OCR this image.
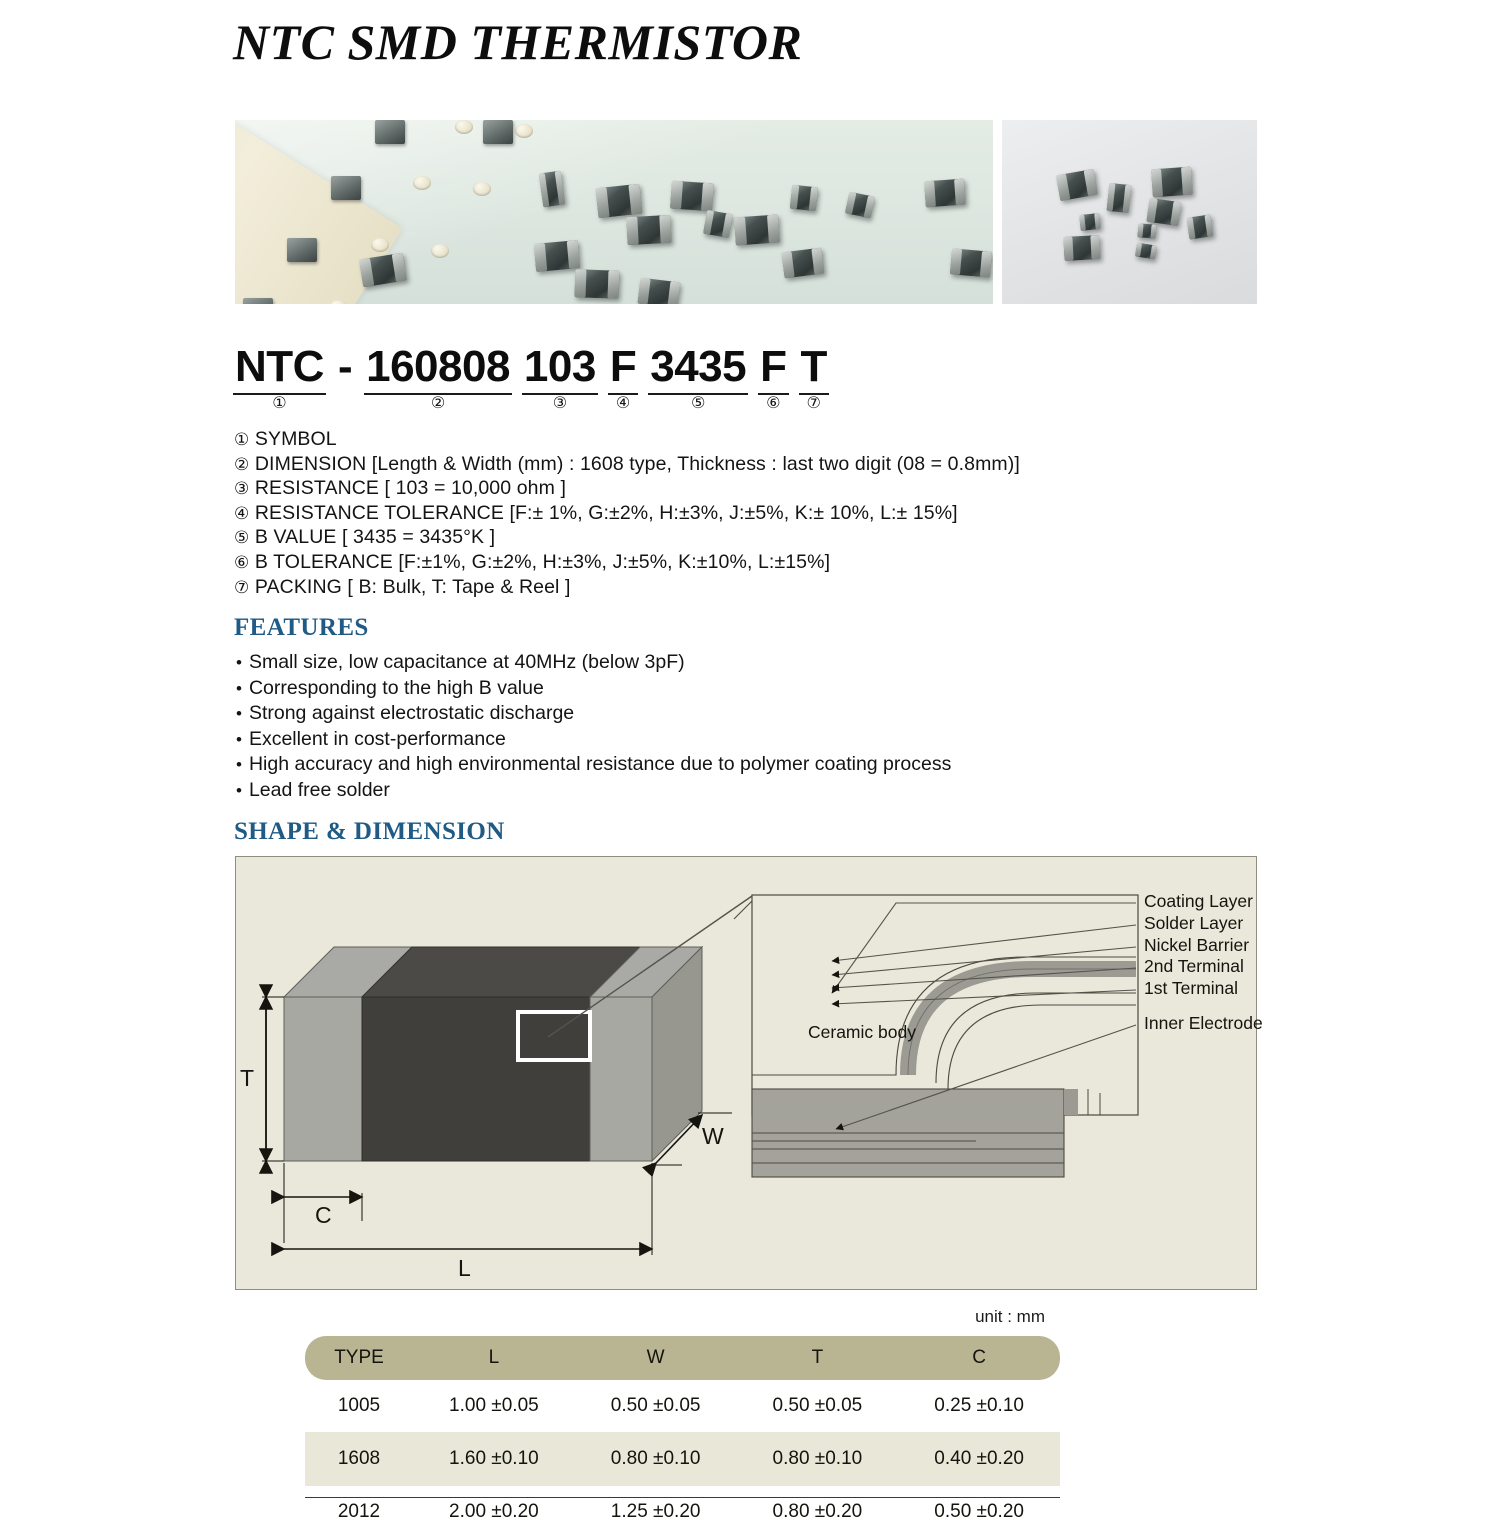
NTC SMD THERMISTOR
NTC
①
- 160808
②
103
③
F
④
3435
⑤
F
⑥
T
⑦
① SYMBOL
② DIMENSION [Length & Width (mm) : 1608 type, Thickness : last two digit (08 = 0.8mm)]
③ RESISTANCE [ 103 = 10,000 ohm ]
④ RESISTANCE TOLERANCE [F:± 1%, G:±2%, H:±3%, J:±5%, K:± 10%, L:± 15%]
⑤ B VALUE [ 3435 = 3435°K ]
⑥ B TOLERANCE [F:±1%, G:±2%, H:±3%, J:±5%, K:±10%, L:±15%]
⑦ PACKING [ B: Bulk, T: Tape & Reel ]
FEATURES
• Small size, low capacitance at 40MHz (below 3pF)
• Corresponding to the high B value
• Strong against electrostatic discharge
• Excellent in cost-performance
• High accuracy and high environmental resistance due to polymer coating process
• Lead free solder
SHAPE & DIMENSION
Ceramic body
Coating Layer
Solder Layer
Nickel Barrier
2nd Terminal
1st Terminal
Inner Electrode
T
C
L
W
unit : mm
TYPE	L	W	T	C
1005	1.00 ±0.05	0.50 ±0.05	0.50 ±0.05	0.25 ±0.10
1608	1.60 ±0.10	0.80 ±0.10	0.80 ±0.10	0.40 ±0.20
2012	2.00 ±0.20	1.25 ±0.20	0.80 ±0.20	0.50 ±0.20
